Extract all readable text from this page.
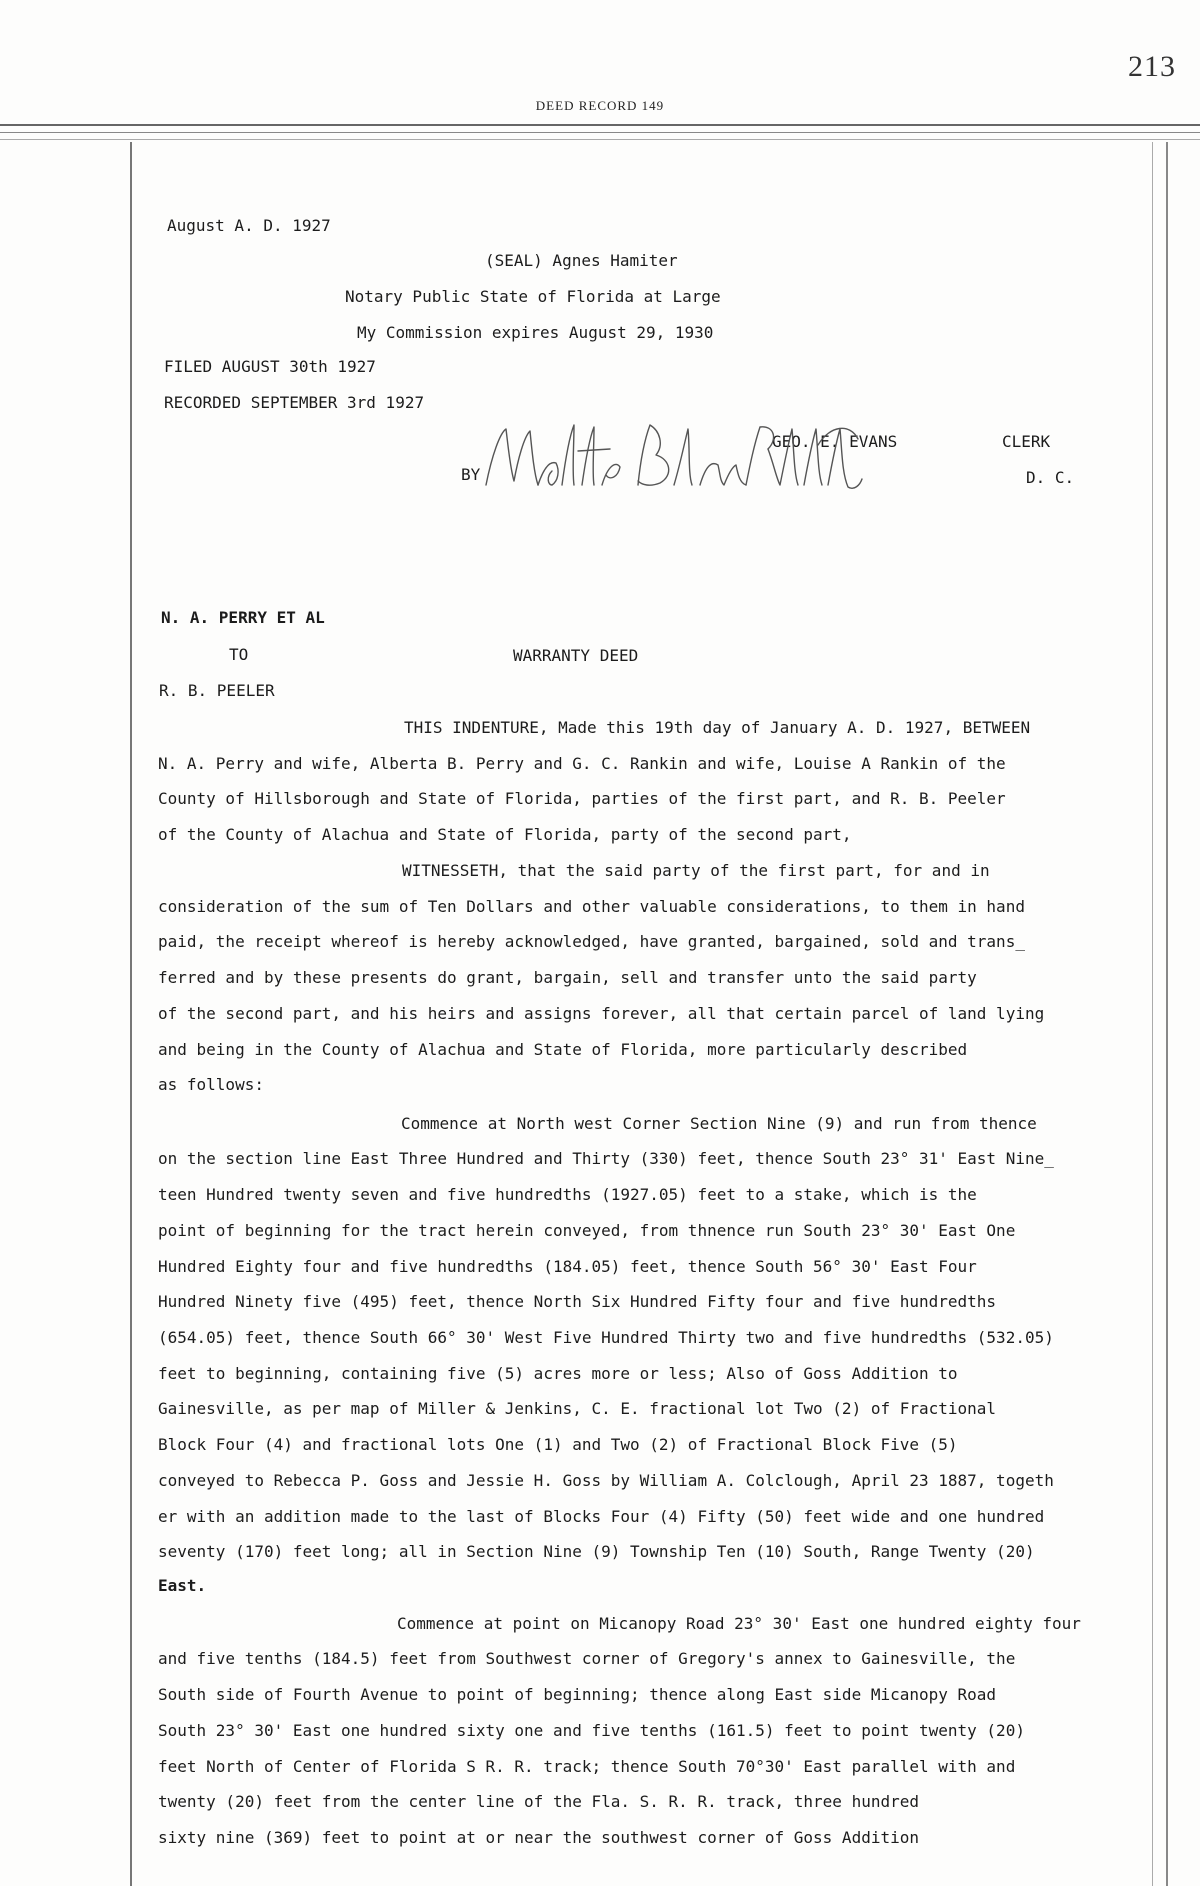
213
DEED RECORD 149
August A. D. 1927
(SEAL) Agnes Hamiter
Notary Public State of Florida at Large
My Commission expires August 29, 1930
FILED AUGUST 30th 1927
RECORDED SEPTEMBER 3rd 1927
GEO. E. EVANS	CLERK
BY	D. C.
N. A. PERRY ET AL
TO	WARRANTY DEED
R. B. PEELER
THIS INDENTURE, Made this 19th day of January A. D. 1927, BETWEEN
N. A. Perry and wife, Alberta B. Perry and G. C. Rankin and wife, Louise A Rankin of the
County of Hillsborough and State of Florida, parties of the first part, and R. B. Peeler
of the County of Alachua and State of Florida, party of the second part,
WITNESSETH, that the said party of the first part, for and in
consideration of the sum of Ten Dollars and other valuable considerations, to them in hand
paid, the receipt whereof is hereby acknowledged, have granted, bargained, sold and trans_
ferred and by these presents do grant, bargain, sell and transfer unto the said party
of the second part, and his heirs and assigns forever, all that certain parcel of land lying
and being in the County of Alachua and State of Florida, more particularly described
as follows:
Commence at North west Corner Section Nine (9) and run from thence
on the section line East Three Hundred and Thirty (330) feet, thence South 23° 31' East Nine_
teen Hundred twenty seven and five hundredths (1927.05) feet to a stake, which is the
point of beginning for the tract herein conveyed, from thnence run South 23° 30' East One
Hundred Eighty four and five hundredths (184.05) feet, thence South 56° 30' East Four
Hundred Ninety five (495) feet, thence North Six Hundred Fifty four and five hundredths
(654.05) feet, thence South 66° 30' West Five Hundred Thirty two and five hundredths (532.05)
feet to beginning, containing five (5) acres more or less; Also of Goss Addition to
Gainesville, as per map of Miller & Jenkins, C. E. fractional lot Two (2) of Fractional
Block Four (4) and fractional lots One (1) and Two (2) of Fractional Block Five (5)
conveyed to Rebecca P. Goss and Jessie H. Goss by William A. Colclough, April 23 1887, togeth
er with an addition made to the last of Blocks Four (4) Fifty (50) feet wide and one hundred
seventy (170) feet long; all in Section Nine (9) Township Ten (10) South, Range Twenty (20)
East.
Commence at point on Micanopy Road 23° 30' East one hundred eighty four
and five tenths (184.5) feet from Southwest corner of Gregory's annex to Gainesville, the
South side of Fourth Avenue to point of beginning; thence along East side Micanopy Road
South 23° 30' East one hundred sixty one and five tenths (161.5) feet to point twenty (20)
feet North of Center of Florida S R. R. track; thence South 70°30' East parallel with and
twenty (20) feet from the center line of the Fla. S. R. R. track, three hundred
sixty nine (369) feet to point at or near the southwest corner of Goss Addition
